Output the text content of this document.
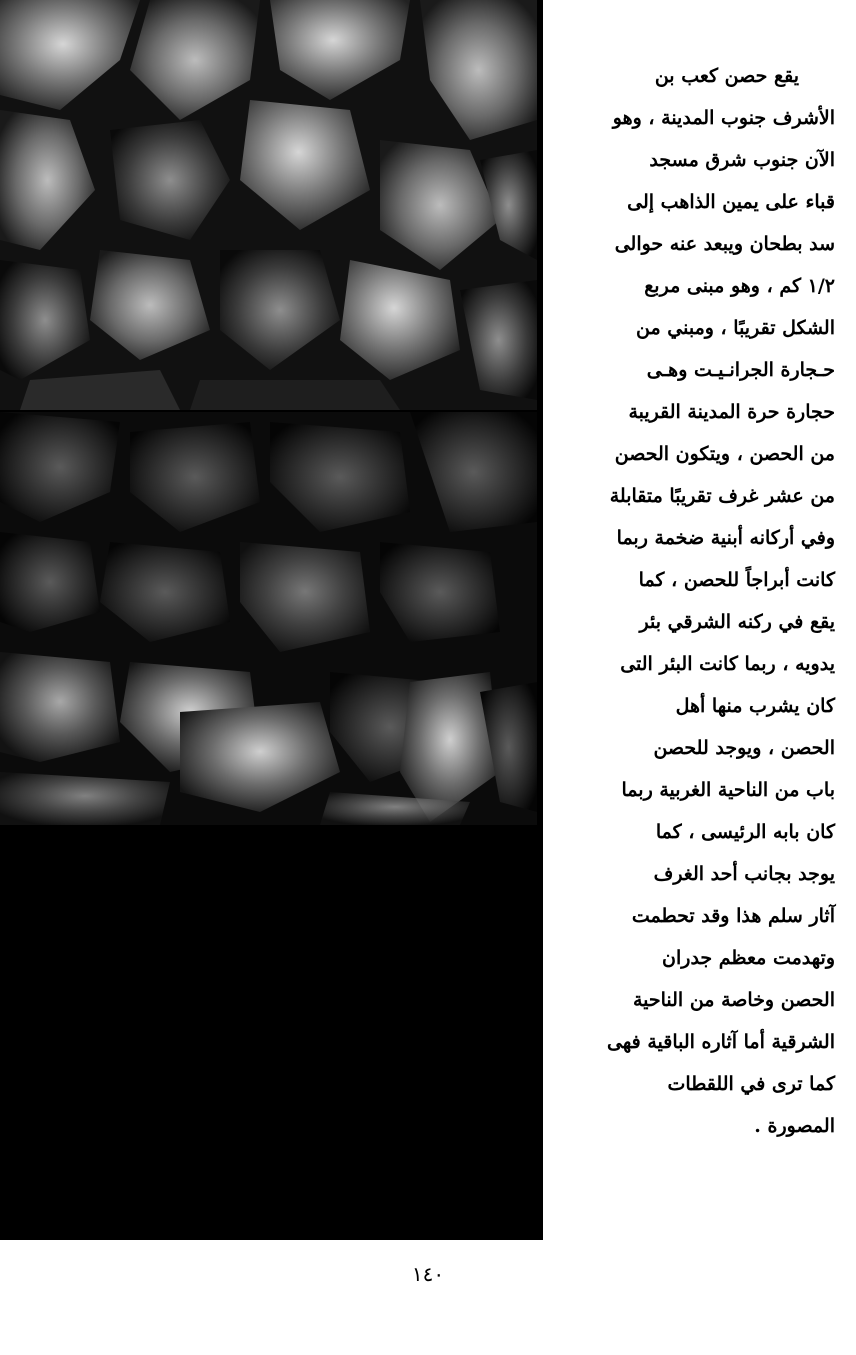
يقع حصن كعب بن
الأشرف جنوب المدينة ، وهو
الآن جنوب شرق مسجد
قباء على يمين الذاهب إلى
سد بطحان ويبعد عنه حوالى
١/٢ كم ، وهو مبنى مربع
الشكل تقريبًا ، ومبني من
حـجارة الجرانـيـت وهـى
حجارة حرة المدينة القريبة
من الحصن ، ويتكون الحصن
من عشر غرف تقريبًا متقابلة
وفي أركانه أبنية ضخمة ربما
كانت أبراجاً للحصن ، كما
يقع في ركنه الشرقي بئر
يدويه ، ربما كانت البئر التى
كان يشرب منها أهل
الحصن ، ويوجد للحصن
باب من الناحية الغربية ربما
كان بابه الرئيسى ، كما
يوجد بجانب أحد الغرف
آثار سلم هذا وقد تحطمت
وتهدمت معظم جدران
الحصن وخاصة من الناحية
الشرقية أما آثاره الباقية فهى
كما ترى في اللقطات
المصورة .
١٤٠
